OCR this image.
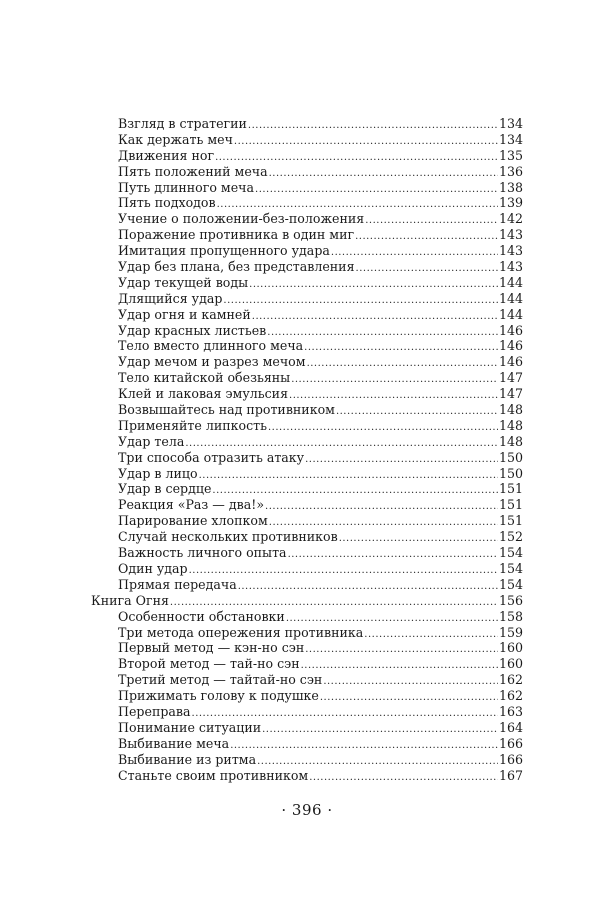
Взгляд в стратегии .....	134
Как держать меч .....	134
Движения ног .....	135
Пять положений меча .....	136
Путь длинного меча .....	138
Пять подходов .....	139
Учение о положении-без-положения .....	142
Поражение противника в один миг .....	143
Имитация пропущенного удара .....	143
Удар без плана, без представления .....	143
Удар текущей воды .....	144
Длящийся удар .....	144
Удар огня и камней .....	144
Удар красных листьев .....	146
Тело вместо длинного меча .....	146
Удар мечом и разрез мечом .....	146
Тело китайской обезьяны .....	147
Клей и лаковая эмульсия .....	147
Возвышайтесь над противником .....	148
Применяйте липкость .....	148
Удар тела .....	148
Три способа отразить атаку .....	150
Удар в лицо .....	150
Удар в сердце .....	151
Реакция «Раз — два!» .....	151
Парирование хлопком .....	151
Случай нескольких противников .....	152
Важность личного опыта .....	154
Один удар .....	154
Прямая передача .....	154
Книга Огня .....	156
Особенности обстановки .....	158
Три метода опережения противника .....	159
Первый метод — кэн-но сэн .....	160
Второй метод — тай-но сэн .....	160
Третий метод — тайтай-но сэн .....	162
Прижимать голову к подушке .....	162
Переправа .....	163
Понимание ситуации .....	164
Выбивание меча .....	166
Выбивание из ритма .....	166
Станьте своим противником .....	167
· 396 ·
